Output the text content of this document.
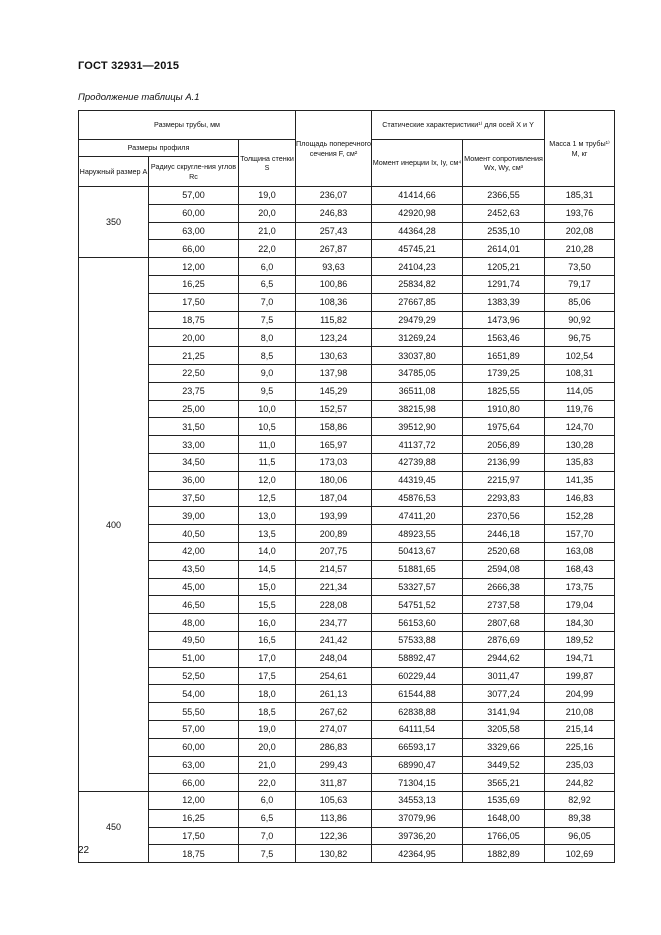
ГОСТ 32931—2015
Продолжение таблицы А.1
Размеры трубы, мм			Площадь поперечного сечения F, см²	Статические характеристики¹⁾ для осей X и Y		Масса 1 м трубы¹⁾ M, кг
Размеры профиля		Толщина стенки S		Момент инерции Ix, Iy, см⁴	Момент сопротивления Wx, Wy, см³	
Наружный размер A	Радиус скругле-ния углов Rc					
350	57,00	19,0	236,07	41414,66	2366,55	185,31
	60,00	20,0	246,83	42920,98	2452,63	193,76
	63,00	21,0	257,43	44364,28	2535,10	202,08
	66,00	22,0	267,87	45745,21	2614,01	210,28
400	12,00	6,0	93,63	24104,23	1205,21	73,50
	16,25	6,5	100,86	25834,82	1291,74	79,17
	17,50	7,0	108,36	27667,85	1383,39	85,06
	18,75	7,5	115,82	29479,29	1473,96	90,92
	20,00	8,0	123,24	31269,24	1563,46	96,75
	21,25	8,5	130,63	33037,80	1651,89	102,54
	22,50	9,0	137,98	34785,05	1739,25	108,31
	23,75	9,5	145,29	36511,08	1825,55	114,05
	25,00	10,0	152,57	38215,98	1910,80	119,76
	31,50	10,5	158,86	39512,90	1975,64	124,70
	33,00	11,0	165,97	41137,72	2056,89	130,28
	34,50	11,5	173,03	42739,88	2136,99	135,83
	36,00	12,0	180,06	44319,45	2215,97	141,35
	37,50	12,5	187,04	45876,53	2293,83	146,83
	39,00	13,0	193,99	47411,20	2370,56	152,28
	40,50	13,5	200,89	48923,55	2446,18	157,70
	42,00	14,0	207,75	50413,67	2520,68	163,08
	43,50	14,5	214,57	51881,65	2594,08	168,43
	45,00	15,0	221,34	53327,57	2666,38	173,75
	46,50	15,5	228,08	54751,52	2737,58	179,04
	48,00	16,0	234,77	56153,60	2807,68	184,30
	49,50	16,5	241,42	57533,88	2876,69	189,52
	51,00	17,0	248,04	58892,47	2944,62	194,71
	52,50	17,5	254,61	60229,44	3011,47	199,87
	54,00	18,0	261,13	61544,88	3077,24	204,99
	55,50	18,5	267,62	62838,88	3141,94	210,08
	57,00	19,0	274,07	64111,54	3205,58	215,14
	60,00	20,0	286,83	66593,17	3329,66	225,16
	63,00	21,0	299,43	68990,47	3449,52	235,03
	66,00	22,0	311,87	71304,15	3565,21	244,82
450	12,00	6,0	105,63	34553,13	1535,69	82,92
	16,25	6,5	113,86	37079,96	1648,00	89,38
	17,50	7,0	122,36	39736,20	1766,05	96,05
	18,75	7,5	130,82	42364,95	1882,89	102,69
22
